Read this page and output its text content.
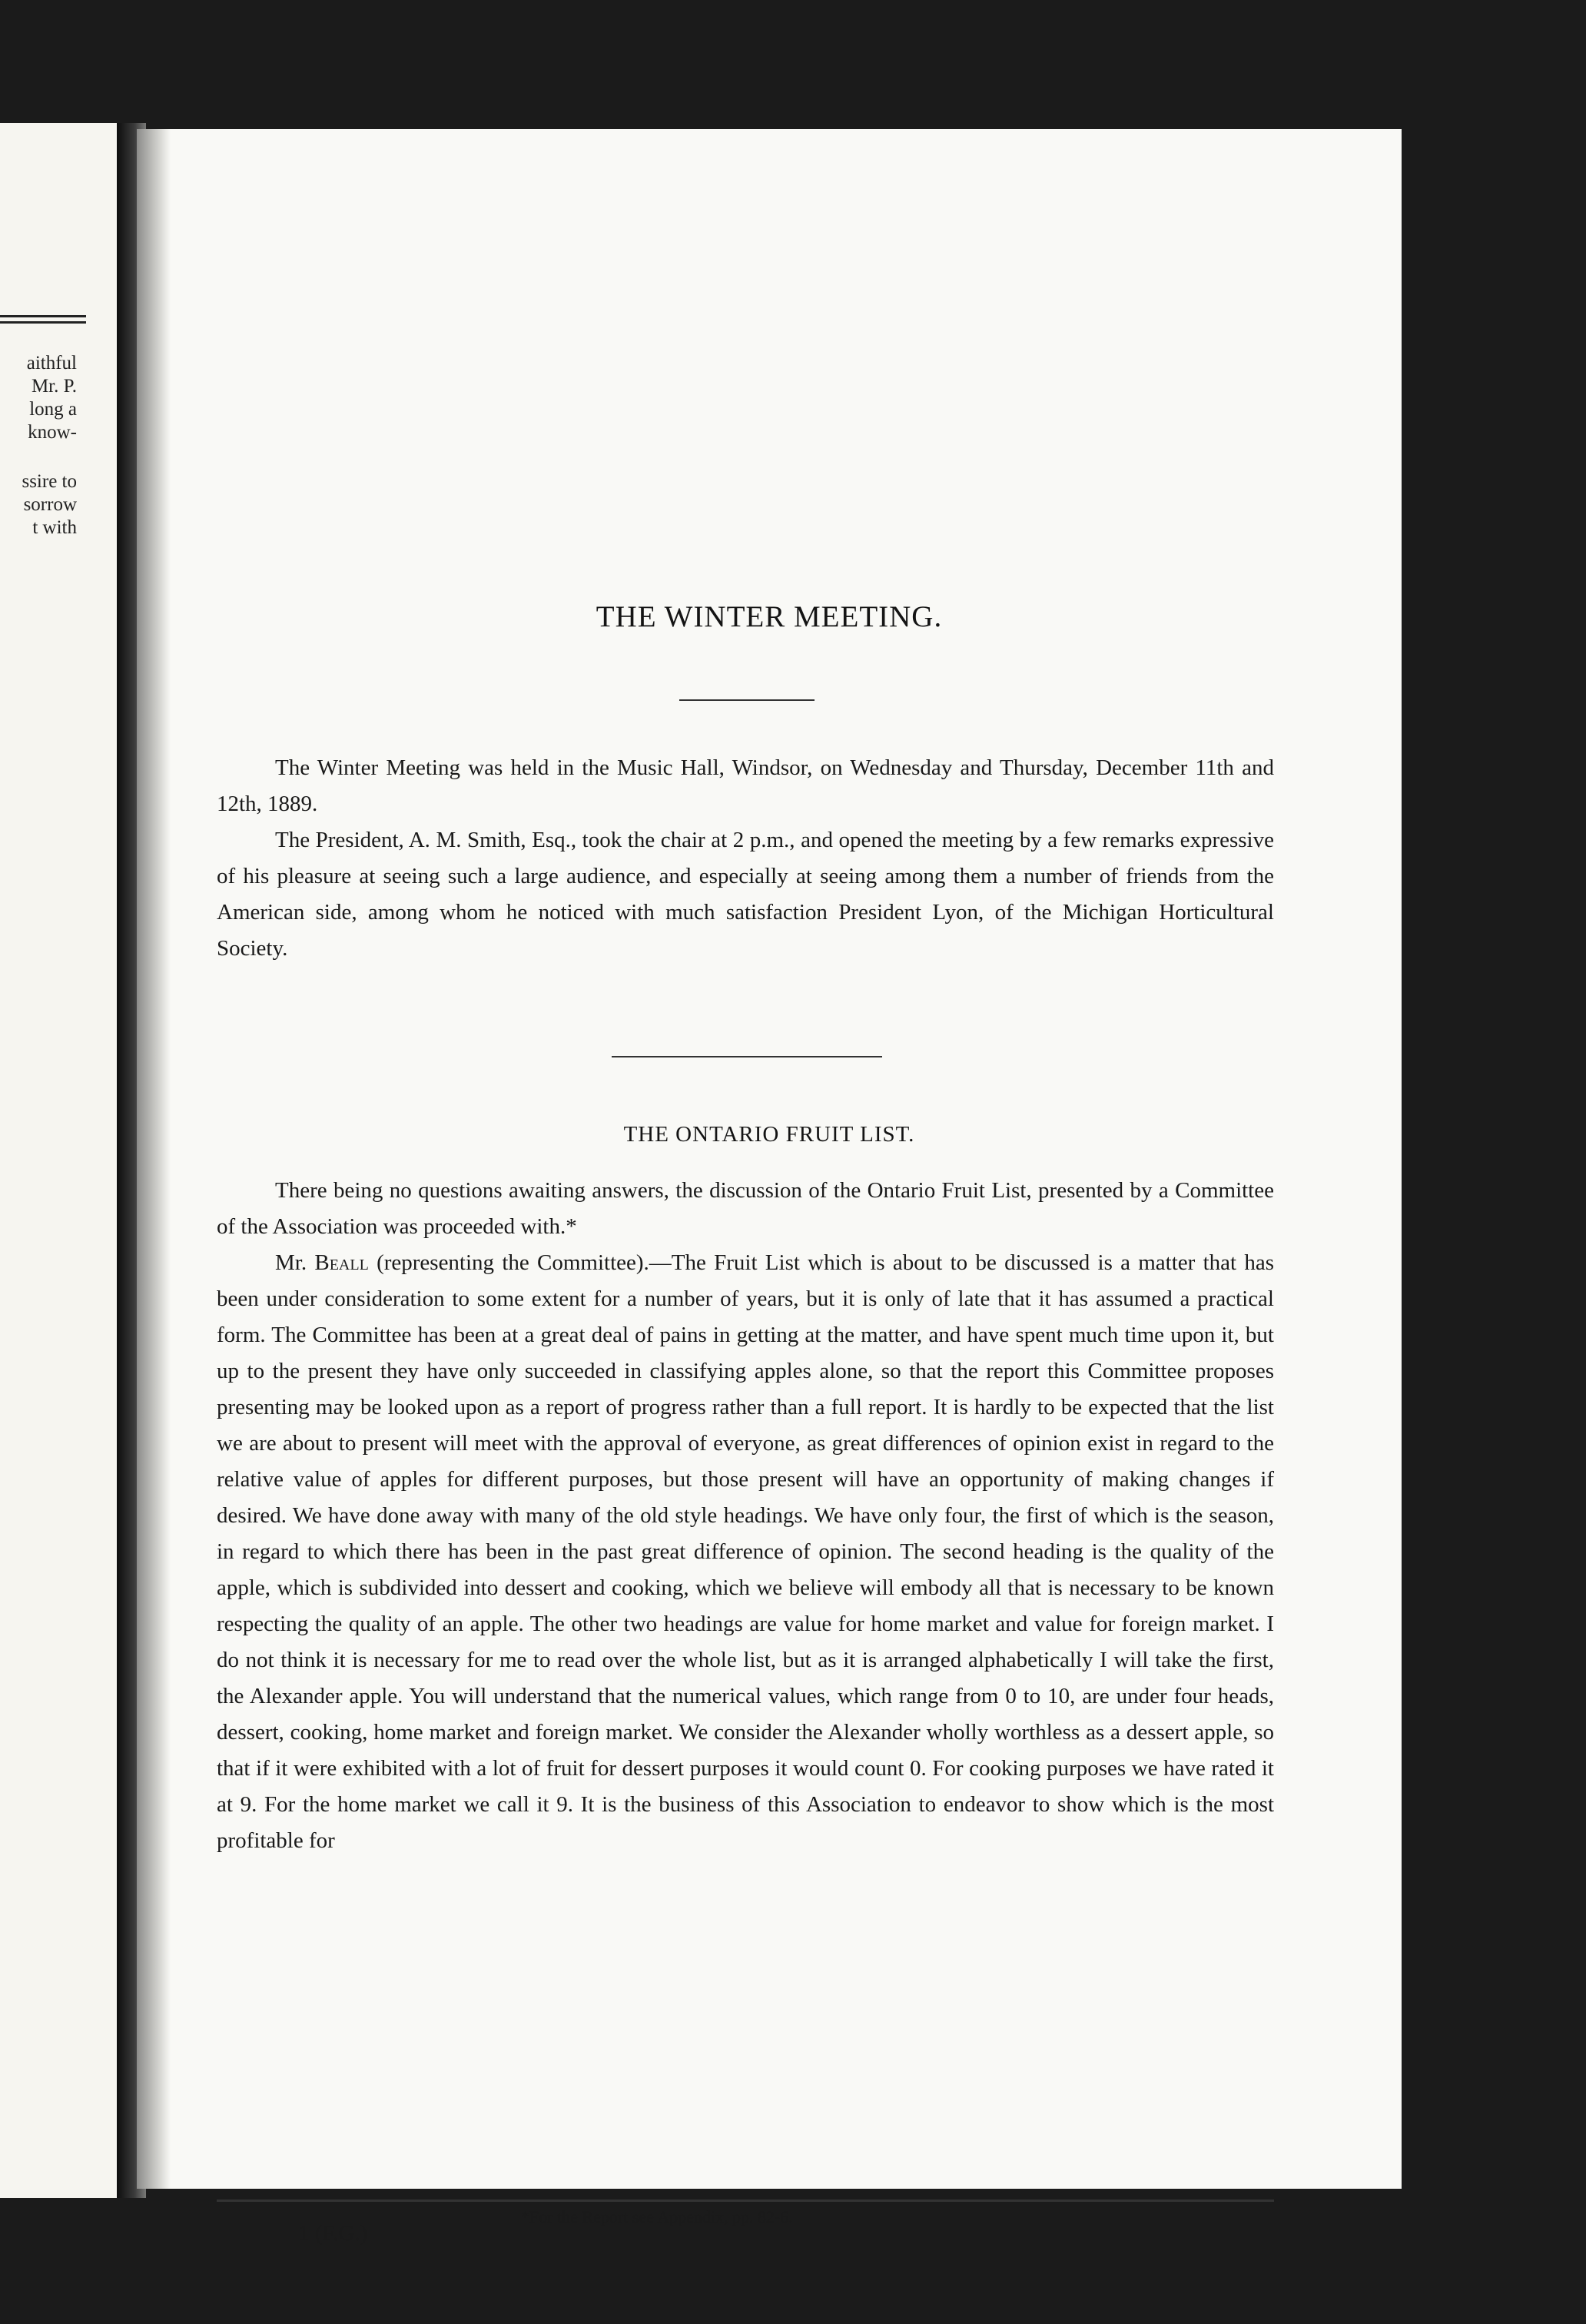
aithful
Mr. P.
long a
know-
ssire to
sorrow
t with
THE WINTER MEETING.

The Winter Meeting was held in the Music Hall, Windsor, on Wednesday and Thursday, December 11th and 12th, 1889.

The President, A. M. Smith, Esq., took the chair at 2 p.m., and opened the meeting by a few remarks expressive of his pleasure at seeing such a large audience, and especially at seeing among them a number of friends from the American side, among whom he noticed with much satisfaction President Lyon, of the Michigan Horticultural Society.

THE ONTARIO FRUIT LIST.

There being no questions awaiting answers, the discussion of the Ontario Fruit List, presented by a Committee of the Association was proceeded with.*

Mr. Beall (representing the Committee).—The Fruit List which is about to be discussed is a matter that has been under consideration to some extent for a number of years, but it is only of late that it has assumed a practical form. The Committee has been at a great deal of pains in getting at the matter, and have spent much time upon it, but up to the present they have only succeeded in classifying apples alone, so that the report this Committee proposes presenting may be looked upon as a report of progress rather than a full report. It is hardly to be expected that the list we are about to present will meet with the approval of everyone, as great differences of opinion exist in regard to the relative value of apples for different purposes, but those present will have an opportunity of making changes if desired. We have done away with many of the old style headings. We have only four, the first of which is the season, in regard to which there has been in the past great difference of opinion. The second heading is the quality of the apple, which is subdivided into dessert and cooking, which we believe will embody all that is necessary to be known respecting the quality of an apple. The other two headings are value for home market and value for foreign market. I do not think it is necessary for me to read over the whole list, but as it is arranged alphabetically I will take the first, the Alexander apple. You will understand that the numerical values, which range from 0 to 10, are under four heads, dessert, cooking, home market and foreign market. We consider the Alexander wholly worthless as a dessert apple, so that if it were exhibited with a lot of fruit for dessert purposes it would count 0. For cooking purposes we have rated it at 9. For the home market we call it 9. It is the business of this Association to endeavor to show which is the most profitable for

*For the Report see Appendix, pp. 82-6.
1 (F.G.)
